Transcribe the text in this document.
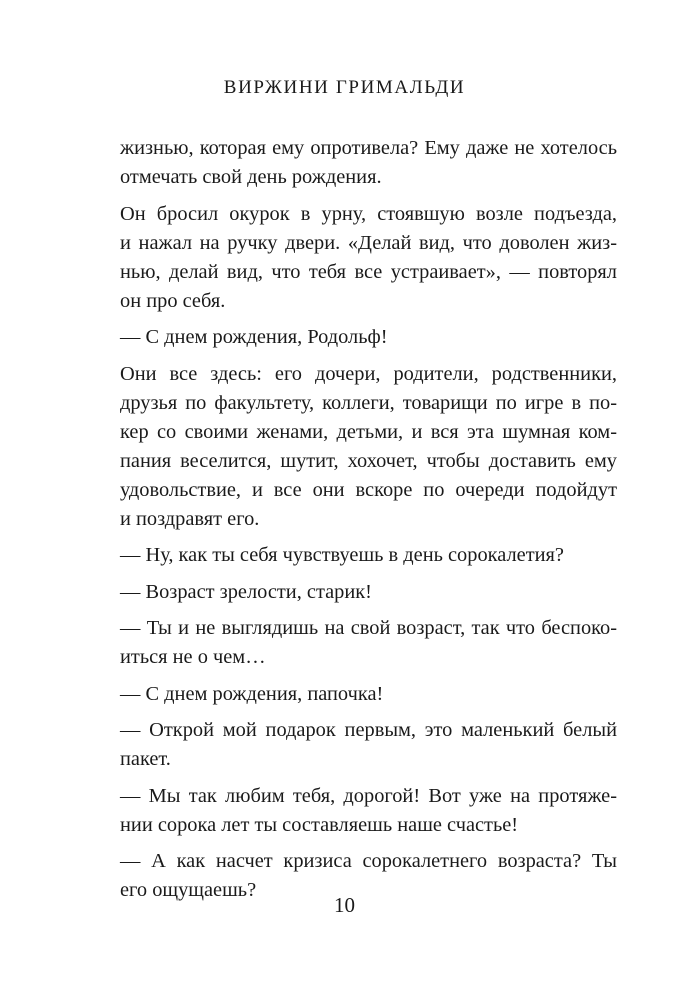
ВИРЖИНИ ГРИМАЛЬДИ

жизнью, которая ему опротивела? Ему даже не хотелось
отмечать свой день рождения.

Он бросил окурок в урну, стоявшую возле подъезда,
и нажал на ручку двери. «Делай вид, что доволен жиз-
нью, делай вид, что тебя все устраивает», — повторял
он про себя.

— С днем рождения, Родольф!

Они все здесь: его дочери, родители, родственники,
друзья по факультету, коллеги, товарищи по игре в по-
кер со своими женами, детьми, и вся эта шумная ком-
пания веселится, шутит, хохочет, чтобы доставить ему
удовольствие, и все они вскоре по очереди подойдут
и поздравят его.

— Ну, как ты себя чувствуешь в день сорокалетия?

— Возраст зрелости, старик!

— Ты и не выглядишь на свой возраст, так что беспоко-
иться не о чем…

— С днем рождения, папочка!

— Открой мой подарок первым, это маленький белый
пакет.

— Мы так любим тебя, дорогой! Вот уже на протяже-
нии сорока лет ты составляешь наше счастье!

— А как насчет кризиса сорокалетнего возраста? Ты
его ощущаешь?

10
